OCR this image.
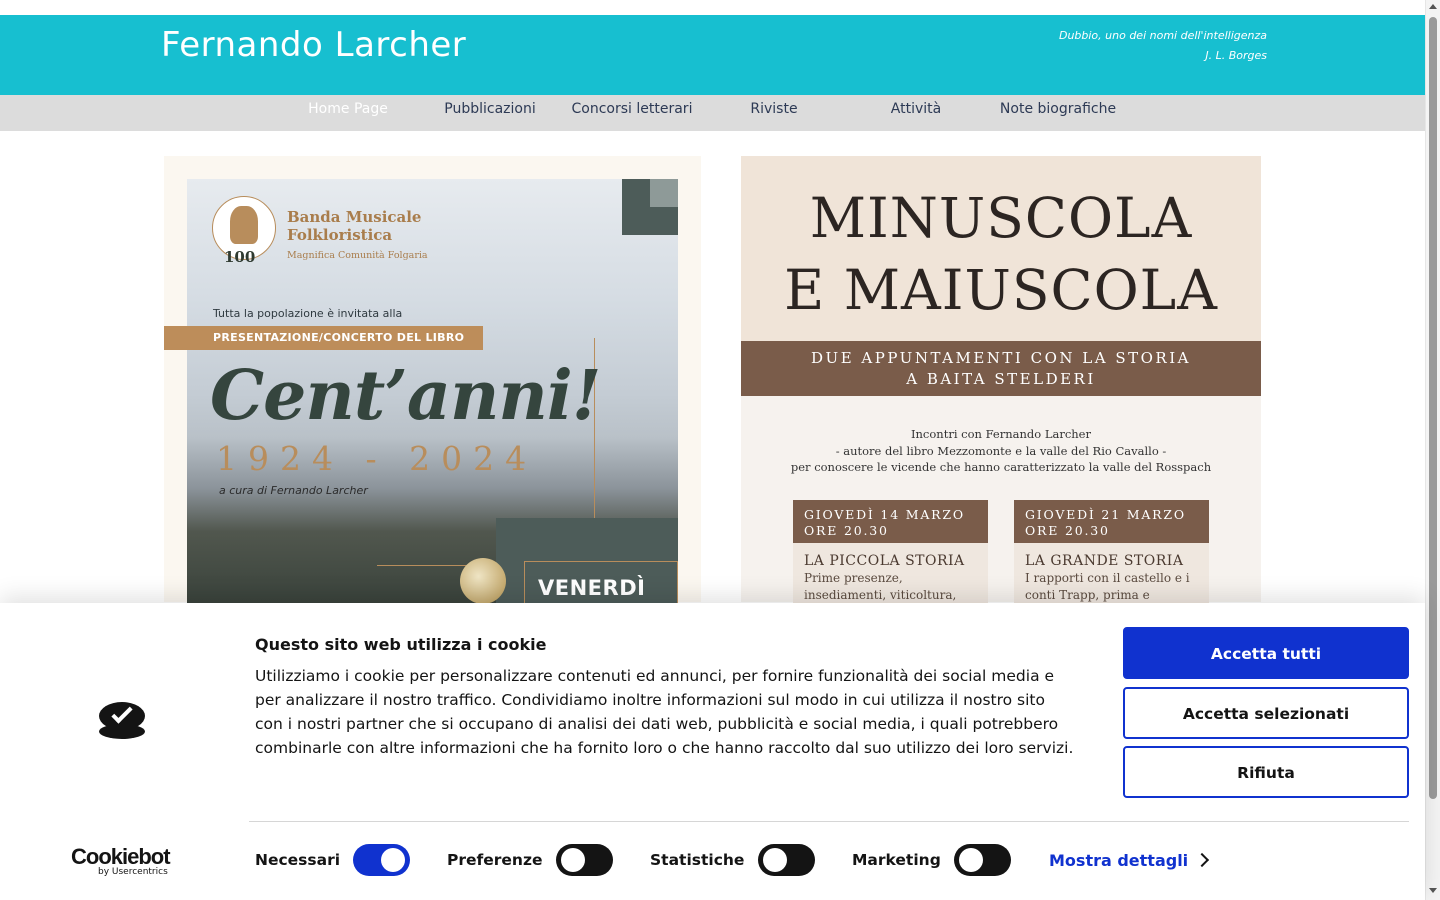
Fernando Larcher	Dubbio, uno dei nomi dell'intelligenza
J. L. Borges
Home Page	Pubblicazioni	Concorsi letterari	Riviste	Attività	Note biografiche
100
Banda Musicale
Folkloristica
Magnifica Comunità Folgaria
Tutta la popolazione è invitata alla
PRESENTAZIONE/CONCERTO DEL LIBRO
Cent’anni!
1924 - 2024
a cura di Fernando Larcher
VENERDÌ
MINUSCOLA
E MAIUSCOLA
DUE APPUNTAMENTI CON LA STORIA
A BAITA STELDERI
Incontri con Fernando Larcher
- autore del libro Mezzomonte e la valle del Rio Cavallo -
per conoscere le vicende che hanno caratterizzato la valle del Rosspach
GIOVEDÌ 14 MARZO
ORE 20.30
LA PICCOLA STORIA
Prime presenze, insediamenti, viticoltura,
GIOVEDÌ 21 MARZO
ORE 20.30
LA GRANDE STORIA
I rapporti con il castello e i conti Trapp, prima e
Questo sito web utilizza i cookie
Utilizziamo i cookie per personalizzare contenuti ed annunci, per fornire funzionalità dei social media e per analizzare il nostro traffico. Condividiamo inoltre informazioni sul modo in cui utilizza il nostro sito con i nostri partner che si occupano di analisi dei dati web, pubblicità e social media, i quali potrebbero combinarle con altre informazioni che ha fornito loro o che hanno raccolto dal suo utilizzo dei loro servizi.
Accetta tutti
Accetta selezionati
Rifiuta
Cookiebot
by Usercentrics
Necessari	Preferenze	Statistiche	Marketing	Mostra dettagli
